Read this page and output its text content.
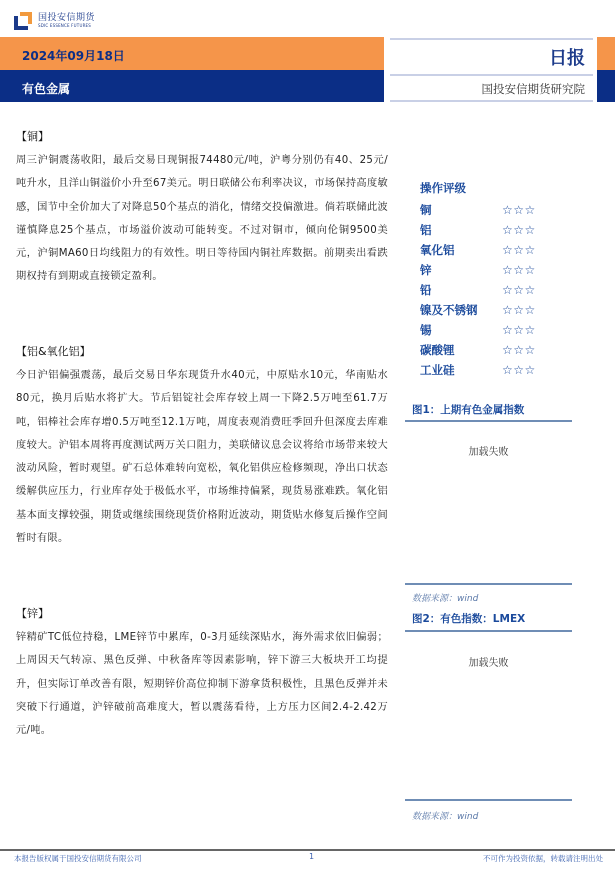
国投安信期货
SDIC ESSENCE FUTURES
2024年09月18日
有色金属
日报
国投安信期货研究院
【铜】
周三沪铜震荡收阳，最后交易日现铜报74480元/吨，沪粤分别仍有40、25元/吨升水，且洋山铜溢价小升至67美元。明日联储公布利率决议，市场保持高度敏感，国节中全价加大了对降息50个基点的消化，情绪交投偏激进。倘若联储此波谨慎降息25个基点，市场溢价波动可能转变。不过对铜市，倾向伦铜9500美元，沪铜MA60日均线阻力的有效性。明日等待国内铜社库数据。前期卖出看跌期权持有到期或直接锁定盈利。
【铝&氧化铝】
今日沪铝偏强震荡，最后交易日华东现货升水40元，中原贴水10元，华南贴水80元，换月后贴水将扩大。节后铝锭社会库存较上周一下降2.5万吨至61.7万吨，铝棒社会库存增0.5万吨至12.1万吨，周度表观消费旺季回升但深度去库难度较大。沪铝本周将再度测试两万关口阻力，美联储议息会议将给市场带来较大波动风险，暂时观望。矿石总体难转向宽松，氧化铝供应检修频现，净出口状态缓解供应压力，行业库存处于极低水平，市场维持偏紧，现货易涨难跌。氧化铝基本面支撑较强，期货或继续围绕现货价格附近波动，期货贴水修复后操作空间暂时有限。
【锌】
锌精矿TC低位持稳，LME锌节中累库，0-3月延续深贴水，海外需求依旧偏弱；上周因天气转凉、黑色反弹、中秋备库等因素影响，锌下游三大板块开工均提升，但实际订单改善有限，短期锌价高位抑制下游拿货积极性，且黑色反弹并未突破下行通道，沪锌破前高难度大，暂以震荡看待，上方压力区间2.4-2.42万元/吨。
操作评级
铜	☆☆☆
铝	☆☆☆
氧化铝	☆☆☆
锌	☆☆☆
铅	☆☆☆
镍及不锈钢	☆☆☆
锡	☆☆☆
碳酸锂	☆☆☆
工业硅	☆☆☆
图1：上期有色金属指数
加载失败
数据来源：wind
图2：有色指数：LMEX
加载失败
数据来源：wind
本报告版权属于国投安信期货有限公司	1	不可作为投资依据，转载请注明出处
